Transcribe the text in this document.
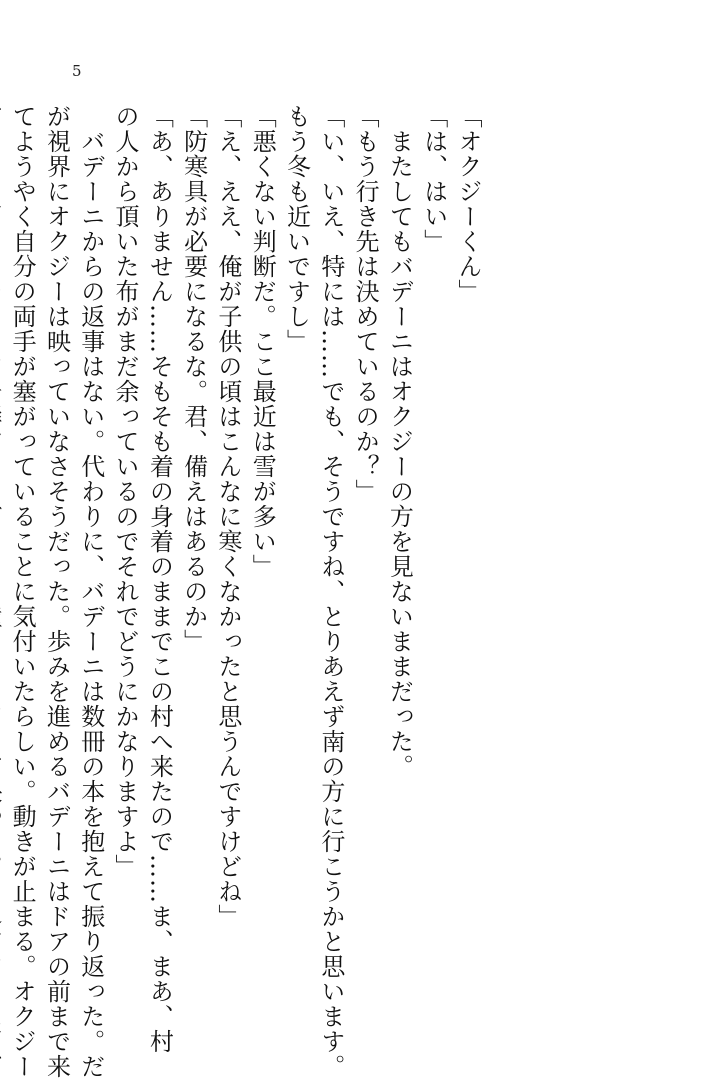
5

「オクジーくん」

「は、はい」

　またしてもバデーニはオクジーの方を見ないままだった。

「もう行き先は決めているのか？」

「い、いえ、特には……でも、そうですね、とりあえず南の方に行こうかと思います。

もう冬も近いですし」

「悪くない判断だ。ここ最近は雪が多い」

「え、ええ、俺が子供の頃はこんなに寒くなかったと思うんですけどね」

「防寒具が必要になるな。君、備えはあるのか」

「あ、ありません……そもそも着の身着のままでこの村へ来たので……ま、まあ、村

の人から頂いた布がまだ余っているのでそれでどうにかなりますよ」

　バデーニからの返事はない。代わりに、バデーニは数冊の本を抱えて振り返った。だ

が視界にオクジーは映っていなさそうだった。歩みを進めるバデーニはドアの前まで来

てようやく自分の両手が塞がっていることに気付いたらしい。動きが止まる。オクジー
